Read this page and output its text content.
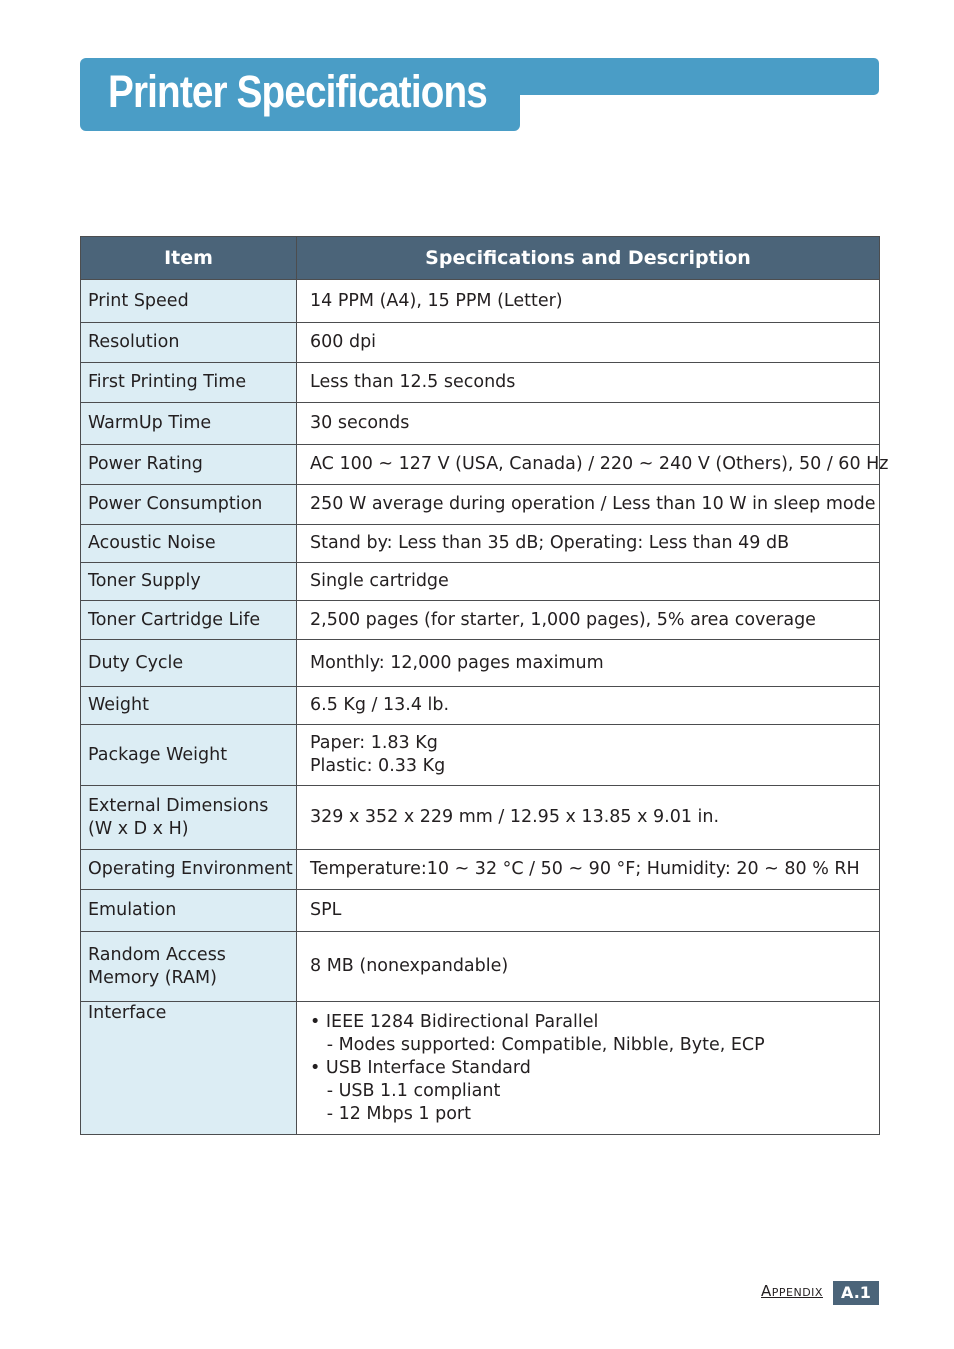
Printer Specifications
Item	Specifications and Description

Print Speed	14 PPM (A4), 15 PPM (Letter)

Resolution	600 dpi

First Printing Time	Less than 12.5 seconds

WarmUp Time	30 seconds

Power Rating	AC 100 ~ 127 V (USA, Canada) / 220 ~ 240 V (Others), 50 / 60 Hz

Power Consumption	250 W average during operation / Less than 10 W in sleep mode

Acoustic Noise	Stand by: Less than 35 dB; Operating: Less than 49 dB

Toner Supply	Single cartridge

Toner Cartridge Life	2,500 pages (for starter, 1,000 pages), 5% area coverage

Duty Cycle	Monthly: 12,000 pages maximum

Weight	6.5 Kg / 13.4 lb.

Package Weight	Paper: 1.83 Kg
Plastic: 0.33 Kg

External Dimensions
(W x D x H)	329 x 352 x 229 mm / 12.95 x 13.85 x 9.01 in.

Operating Environment	Temperature:10 ~ 32 °C / 50 ~ 90 °F; Humidity: 20 ~ 80 % RH

Emulation	SPL

Random Access
Memory (RAM)	8 MB (nonexpandable)

Interface	• IEEE 1284 Bidirectional Parallel
- Modes supported: Compatible, Nibble, Byte, ECP
• USB Interface Standard
- USB 1.1 compliant
- 12 Mbps 1 port
Appendix	A.1
